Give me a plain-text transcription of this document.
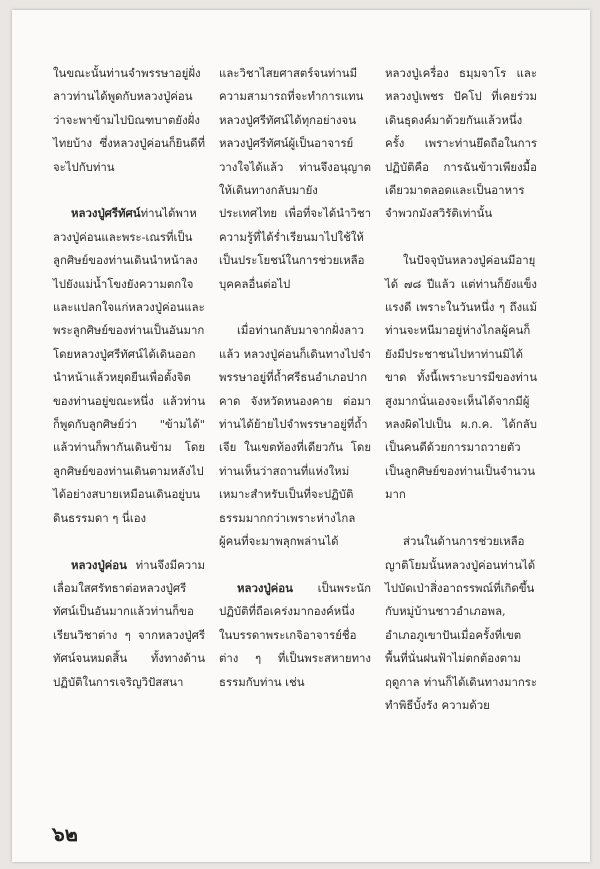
ในขณะนั้นท่านจำพรรษาอยู่ฝั่งลาวท่านได้พูดกับหลวงปู่ค่อนว่าจะพาข้ามไปบิณฑบาตยังฝั่งไทยบ้าง ซึ่งหลวงปู่ค่อนก็ยินดีที่จะไปกับท่าน

หลวงปู่ศรีทัศน์ท่านได้พาหลวงปู่ค่อนและพระ-เณรที่เป็นลูกศิษย์ของท่านเดินนำหน้าลงไปยังแม่น้ำโขงยังความตกใจและแปลกใจแก่หลวงปู่ค่อนและพระลูกศิษย์ของท่านเป็นอันมาก โดยหลวงปู่ศรีทัศน์ได้เดินออกนำหน้าแล้วหยุดยืนเพื่อตั้งจิตของท่านอยู่ขณะหนึ่ง แล้วท่านก็พูดกับลูกศิษย์ว่า "ข้ามได้" แล้วท่านก็พากันเดินข้าม โดยลูกศิษย์ของท่านเดินตามหลังไปได้อย่างสบายเหมือนเดินอยู่บนดินธรรมดา ๆ นี่เอง

หลวงปู่ค่อน ท่านจึงมีความเลื่อมใสศรัทธาต่อหลวงปู่ศรีทัศน์เป็นอันมากแล้วท่านก็ขอเรียนวิชาต่าง ๆ จากหลวงปู่ศรีทัศน์จนหมดสิ้น ทั้งทางด้านปฏิบัติในการเจริญวิปัสสนา

และวิชาไสยศาสตร์จนท่านมีความสามารถที่จะทำการแทนหลวงปู่ศรีทัศน์ได้ทุกอย่างจนหลวงปู่ศรีทัศน์ผู้เป็นอาจารย์วางใจได้แล้ว ท่านจึงอนุญาตให้เดินทางกลับมายังประเทศไทย เพื่อที่จะได้นำวิชาความรู้ที่ได้ร่ำเรียนมาไปใช้ให้เป็นประโยชน์ในการช่วยเหลือบุคคลอื่นต่อไป

เมื่อท่านกลับมาจากฝั่งลาวแล้ว หลวงปู่ค่อนก็เดินทางไปจำพรรษาอยู่ที่ถ้ำศรีธนอำเภอปากคาด จังหวัดหนองคาย ต่อมาท่านได้ย้ายไปจำพรรษาอยู่ที่ถ้ำเจีย ในเขตท้องที่เดียวกัน โดยท่านเห็นว่าสถานที่แห่งใหม่เหมาะสำหรับเป็นที่จะปฏิบัติธรรมมากกว่าเพราะห่างไกลผู้คนที่จะมาพลุกพล่านได้

หลวงปู่ค่อน เป็นพระนักปฏิบัติที่ถือเคร่งมากองค์หนึ่ง ในบรรดาพระเกจิอาจารย์ชื่อต่าง ๆ ที่เป็นพระสหายทางธรรมกับท่าน เช่น

หลวงปู่เครื่อง ธมฺมจาโร และหลวงปู่เพชร ปัคโป ที่เคยร่วมเดินธุดงค์มาด้วยกันแล้วหนึ่งครั้ง เพราะท่านยึดถือในการปฏิบัติคือ การฉันข้าวเพียงมื้อเดียวมาตลอดและเป็นอาหารจำพวกมังสวิรัติเท่านั้น

ในปัจจุบันหลวงปู่ค่อนมีอายุได้ ๗๘ ปีแล้ว แต่ท่านก็ยังแข็งแรงดี เพราะในวันหนึ่ง ๆ ถึงแม้ท่านจะหนีมาอยู่ห่างไกลผู้คนก็ยังมีประชาชนไปหาท่านมิได้ขาด ทั้งนี้เพราะบารมีของท่านสูงมากนั่นเองจะเห็นได้จากมีผู้หลงผิดไปเป็น ผ.ก.ค. ได้กลับเป็นคนดีด้วยการมาถวายตัวเป็นลูกศิษย์ของท่านเป็นจำนวนมาก

ส่วนในด้านการช่วยเหลือญาติโยมนั้นหลวงปู่ค่อนท่านได้ไปบัดเป่าสิ่งอาถรรพณ์ที่เกิดขึ้นกับหมู่บ้านชาวอำเภอพล, อำเภอภูเขาปันเมื่อครั้งที่เขตพื้นที่นั่นฝนฟ้าไม่ตกต้องตามฤดูกาล ท่านก็ได้เดินทางมากระทำพิธีบั้งรัง ความด้วย

๖๒
